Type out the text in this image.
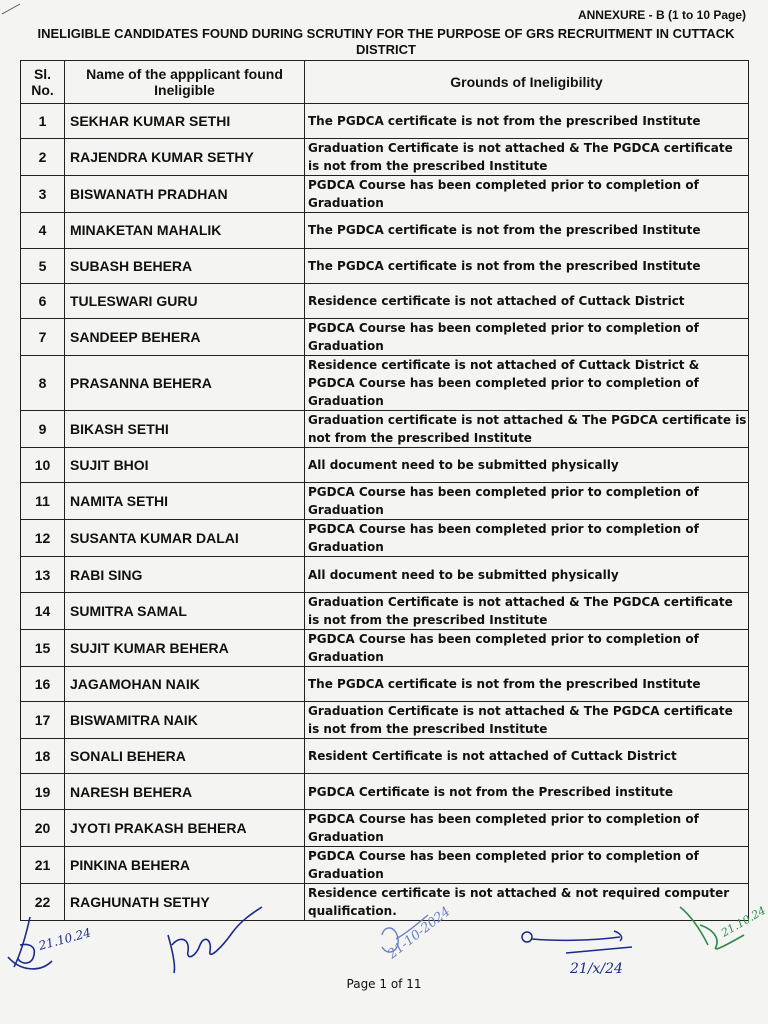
ANNEXURE - B (1 to 10 Page)
INELIGIBLE CANDIDATES FOUND DURING SCRUTINY FOR THE PURPOSE OF GRS RECRUITMENT IN CUTTACK DISTRICT
Sl. No.	Name of the appplicant found Ineligible	Grounds of Ineligibility
1	SEKHAR KUMAR SETHI	The PGDCA certificate is not from the prescribed Institute
2	RAJENDRA KUMAR SETHY	Graduation Certificate is not attached & The PGDCA certificate is not from the prescribed Institute
3	BISWANATH PRADHAN	PGDCA Course has been completed prior to completion of Graduation
4	MINAKETAN MAHALIK	The PGDCA certificate is not from the prescribed Institute
5	SUBASH BEHERA	The PGDCA certificate is not from the prescribed Institute
6	TULESWARI GURU	Residence certificate is not attached of Cuttack District
7	SANDEEP BEHERA	PGDCA Course has been completed prior to completion of Graduation
8	PRASANNA BEHERA	Residence certificate is not attached of Cuttack District & PGDCA Course has been completed prior to completion of Graduation
9	BIKASH SETHI	Graduation certificate is not attached & The PGDCA certificate is not from the prescribed Institute
10	SUJIT BHOI	All document need to be submitted physically
11	NAMITA SETHI	PGDCA Course has been completed prior to completion of Graduation
12	SUSANTA KUMAR DALAI	PGDCA Course has been completed prior to completion of Graduation
13	RABI SING	All document need to be submitted physically
14	SUMITRA SAMAL	Graduation Certificate is not attached & The PGDCA certificate is not from the prescribed Institute
15	SUJIT KUMAR BEHERA	PGDCA Course has been completed prior to completion of Graduation
16	JAGAMOHAN NAIK	The PGDCA certificate is not from the prescribed Institute
17	BISWAMITRA NAIK	Graduation Certificate is not attached & The PGDCA certificate is not from the prescribed Institute
18	SONALI BEHERA	Resident Certificate is not attached of Cuttack District
19	NARESH BEHERA	PGDCA Certificate is not from the Prescribed institute
20	JYOTI PRAKASH BEHERA	PGDCA Course has been completed prior to completion of Graduation
21	PINKINA BEHERA	PGDCA Course has been completed prior to completion of Graduation
22	RAGHUNATH SETHY	Residence certificate is not attached & not required computer qualification.
21.10.24	21-10-2024
21/x/24
21.10.24
Page 1 of 11
